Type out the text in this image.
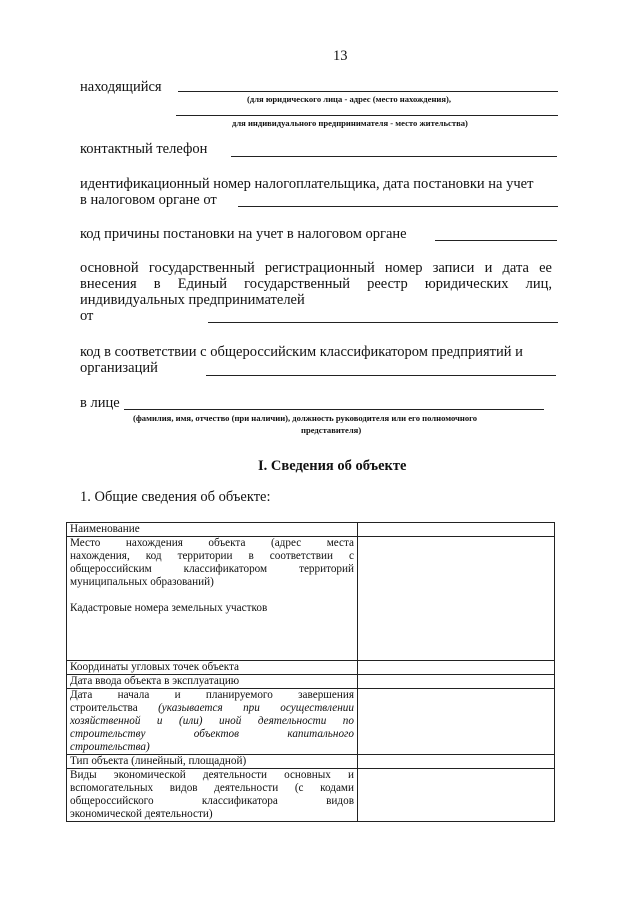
13
находящийся
(для юридического лица - адрес (место нахождения),
для индивидуального предпринимателя - место жительства)
контактный телефон
идентификационный номер налогоплательщика, дата постановки на учет
в налоговом органе от
код причины постановки на учет в налоговом органе
основной государственный регистрационный номер записи и дата ее
внесения в Единый государственный реестр юридических лиц,
индивидуальных предпринимателей
от
код в соответствии с общероссийским классификатором предприятий и
организаций
в лице
(фамилия, имя, отчество (при наличии), должность руководителя или его полномочного
представителя)
I. Сведения об объекте
1. Общие сведения об объекте:
Наименование	

Место нахождения объекта (адрес места
нахождения, код территории в соответствии с
общероссийским классификатором территорий
муниципальных образований)
Кадастровые номера земельных участков	

Координаты угловых точек объекта	
Дата ввода объекта в эксплуатацию	

Дата начала и планируемого завершения
строительства (указывается при осуществлении
хозяйственной и (или) иной деятельности по
строительству объектов капитального
строительства)	

Тип объекта (линейный, площадной)	

Виды экономической деятельности основных и
вспомогательных видов деятельности (с кодами
общероссийского классификатора видов
экономической деятельности)	
